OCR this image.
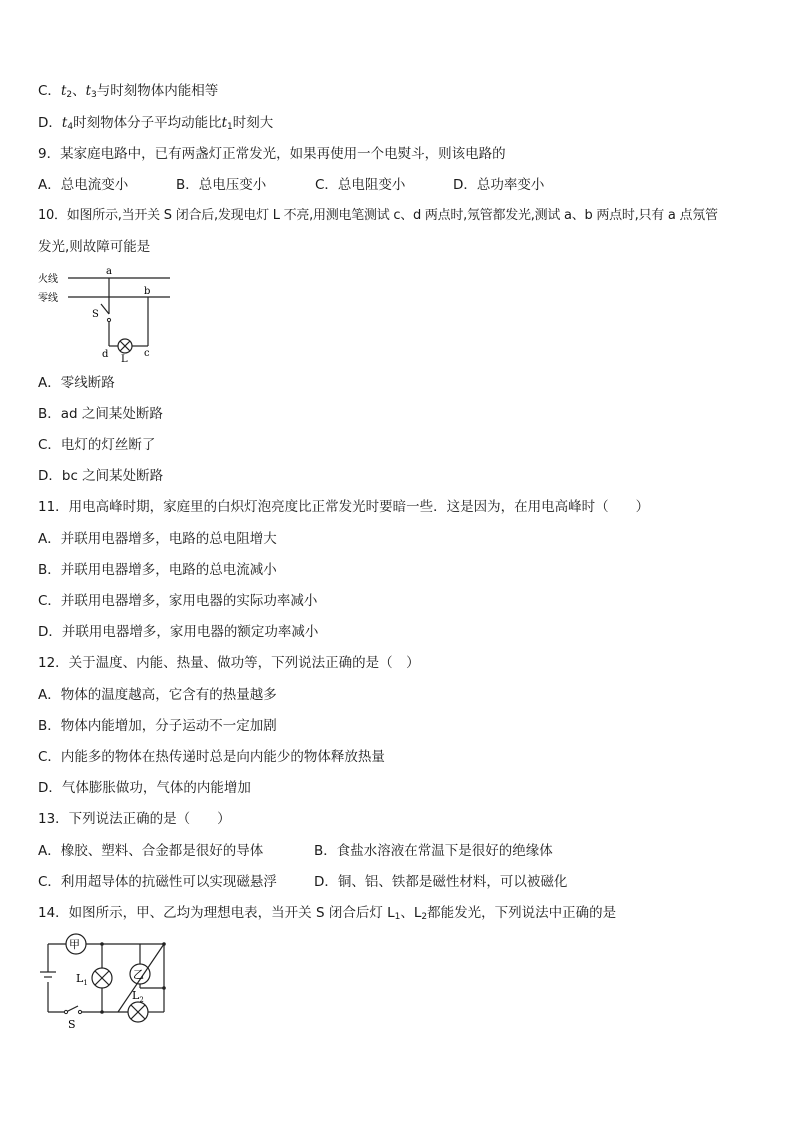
C．$t_2$、$t_3$与时刻物体内能相等
D．$t_4$时刻物体分子平均动能比$t_1$时刻大
9．某家庭电路中，已有两盏灯正常发光，如果再使用一个电熨斗，则该电路的
A．总电流变小	B．总电压变小	C．总电阻变小	D．总功率变小
10．如图所示,当开关 S 闭合后,发现电灯 L 不亮,用测电笔测试 c、d 两点时,氖管都发光,测试 a、b 两点时,只有 a 点氖管
发光,则故障可能是
火线
零线
a
b
S
d L
c
A．零线断路
B．ad 之间某处断路
C．电灯的灯丝断了
D．bc 之间某处断路
11．用电高峰时期，家庭里的白炽灯泡亮度比正常发光时要暗一些．这是因为，在用电高峰时（　　）
A．并联用电器增多，电路的总电阻增大
B．并联用电器增多，电路的总电流减小
C．并联用电器增多，家用电器的实际功率减小
D．并联用电器增多，家用电器的额定功率减小
12．关于温度、内能、热量、做功等，下列说法正确的是（　）
A．物体的温度越高，它含有的热量越多
B．物体内能增加，分子运动不一定加剧
C．内能多的物体在热传递时总是向内能少的物体释放热量
D．气体膨胀做功，气体的内能增加
13．下列说法正确的是（　　）
A．橡胶、塑料、合金都是很好的导体	B．食盐水溶液在常温下是很好的绝缘体
C．利用超导体的抗磁性可以实现磁悬浮	D．铜、铝、铁都是磁性材料，可以被磁化
14．如图所示，甲、乙均为理想电表，当开关 S 闭合后灯 $L_1$、$L_2$都能发光，下列说法中正确的是
甲
乙
$L_1$
$L_2$
S
